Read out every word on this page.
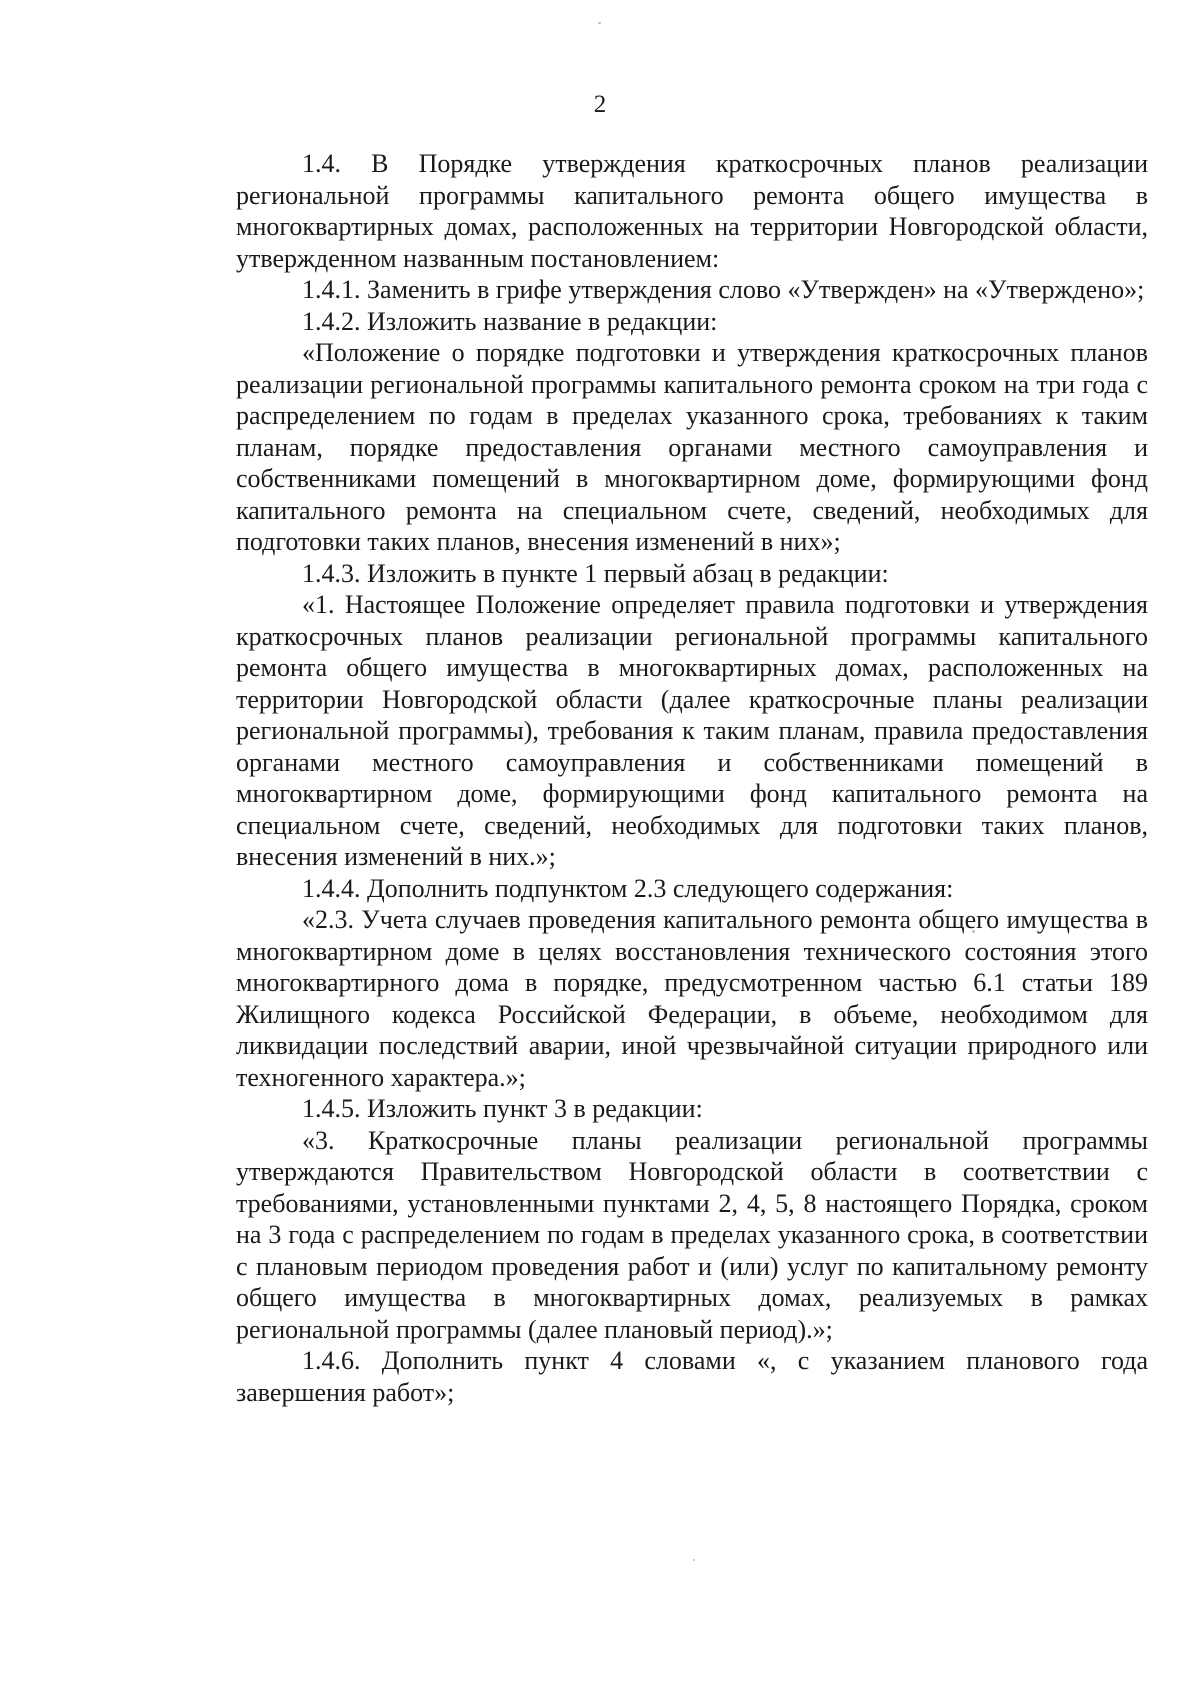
2

1.4. В Порядке утверждения краткосрочных планов реализации региональной программы капитального ремонта общего имущества в многоквартирных домах, расположенных на территории Новгородской области, утвержденном названным постановлением:

1.4.1. Заменить в грифе утверждения слово «Утвержден» на «Утверждено»;

1.4.2. Изложить название в редакции:

«Положение о порядке подготовки и утверждения краткосрочных планов реализации региональной программы капитального ремонта сроком на три года с распределением по годам в пределах указанного срока, требованиях к таким планам, порядке предоставления органами местного самоуправления и собственниками помещений в многоквартирном доме, формирующими фонд капитального ремонта на специальном счете, сведений, необходимых для подготовки таких планов, внесения изменений в них»;

1.4.3. Изложить в пункте 1 первый абзац в редакции:

«1. Настоящее Положение определяет правила подготовки и утверждения краткосрочных планов реализации региональной программы капитального ремонта общего имущества в многоквартирных домах, расположенных на территории Новгородской области (далее краткосрочные планы реализации региональной программы), требования к таким планам, правила предоставления органами местного самоуправления и собственниками помещений в многоквартирном доме, формирующими фонд капитального ремонта на специальном счете, сведений, необходимых для подготовки таких планов, внесения изменений в них.»;

1.4.4. Дополнить подпунктом 2.3 следующего содержания:

«2.3. Учета случаев проведения капитального ремонта общего имущества в многоквартирном доме в целях восстановления технического состояния этого многоквартирного дома в порядке, предусмотренном частью 6.1 статьи 189 Жилищного кодекса Российской Федерации, в объеме, необходимом для ликвидации последствий аварии, иной чрезвычайной ситуации природного или техногенного характера.»;

1.4.5. Изложить пункт 3 в редакции:

«3. Краткосрочные планы реализации региональной программы утверждаются Правительством Новгородской области в соответствии с требованиями, установленными пунктами 2, 4, 5, 8 настоящего Порядка, сроком на 3 года с распределением по годам в пределах указанного срока, в соответствии с плановым периодом проведения работ и (или) услуг по капитальному ремонту общего имущества в многоквартирных домах, реализуемых в рамках региональной программы (далее плановый период).»;

1.4.6. Дополнить пункт 4 словами «, с указанием планового года завершения работ»;
